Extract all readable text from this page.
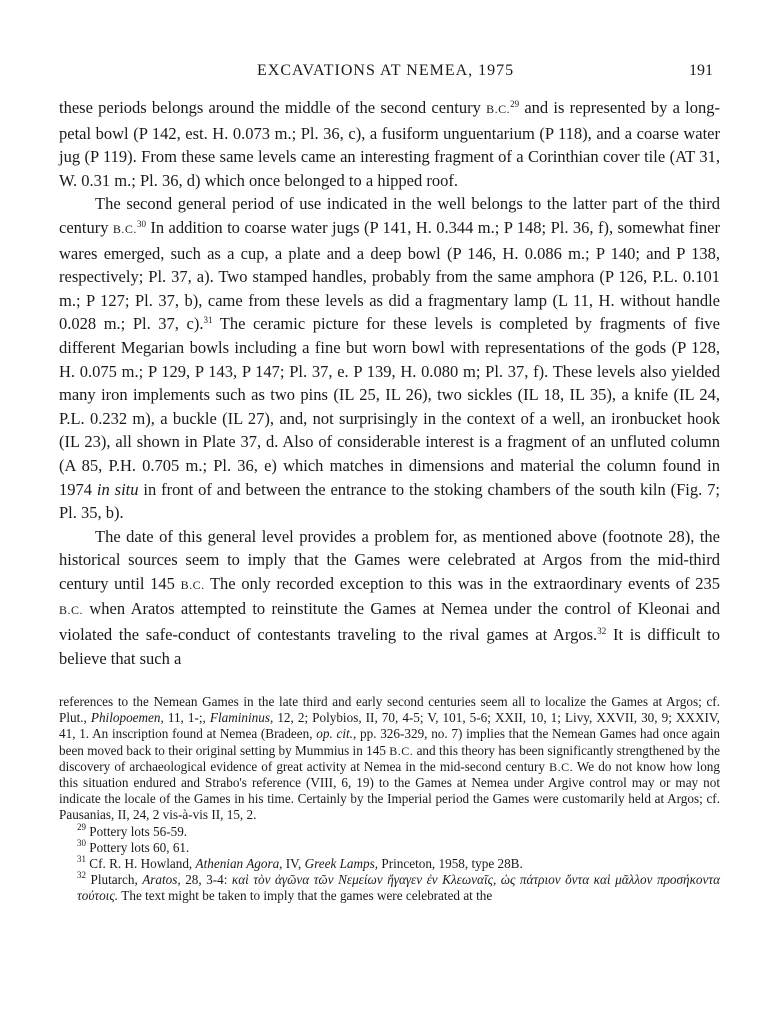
EXCAVATIONS AT NEMEA, 1975	191

these periods belongs around the middle of the second century B.C.$^{29}$ and is represented by a long-petal bowl (P 142, est. H. 0.073 m.; Pl. 36, c), a fusiform unguentarium (P 118), and a coarse water jug (P 119). From these same levels came an interesting fragment of a Corinthian cover tile (AT 31, W. 0.31 m.; Pl. 36, d) which once belonged to a hipped roof.

The second general period of use indicated in the well belongs to the latter part of the third century B.C.$^{30}$ In addition to coarse water jugs (P 141, H. 0.344 m.; P 148; Pl. 36, f), somewhat finer wares emerged, such as a cup, a plate and a deep bowl (P 146, H. 0.086 m.; P 140; and P 138, respectively; Pl. 37, a). Two stamped handles, probably from the same amphora (P 126, P.L. 0.101 m.; P 127; Pl. 37, b), came from these levels as did a fragmentary lamp (L 11, H. without handle 0.028 m.; Pl. 37, c).$^{31}$ The ceramic picture for these levels is completed by fragments of five different Megarian bowls including a fine but worn bowl with representations of the gods (P 128, H. 0.075 m.; P 129, P 143, P 147; Pl. 37, e. P 139, H. 0.080 m; Pl. 37, f). These levels also yielded many iron implements such as two pins (IL 25, IL 26), two sickles (IL 18, IL 35), a knife (IL 24, P.L. 0.232 m), a buckle (IL 27), and, not surprisingly in the context of a well, an ironbucket hook (IL 23), all shown in Plate 37, d. Also of considerable interest is a fragment of an unfluted column (A 85, P.H. 0.705 m.; Pl. 36, e) which matches in dimensions and material the column found in 1974 in situ in front of and between the entrance to the stoking chambers of the south kiln (Fig. 7; Pl. 35, b).

The date of this general level provides a problem for, as mentioned above (footnote 28), the historical sources seem to imply that the Games were celebrated at Argos from the mid-third century until 145 B.C. The only recorded exception to this was in the extraordinary events of 235 B.C. when Aratos attempted to reinstitute the Games at Nemea under the control of Kleonai and violated the safe-conduct of contestants traveling to the rival games at Argos.$^{32}$ It is difficult to believe that such a

references to the Nemean Games in the late third and early second centuries seem all to localize the Games at Argos; cf. Plut., Philopoemen, 11, 1-;, Flamininus, 12, 2; Polybios, II, 70, 4-5; V, 101, 5-6; XXII, 10, 1; Livy, XXVII, 30, 9; XXXIV, 41, 1. An inscription found at Nemea (Bradeen, op. cit., pp. 326-329, no. 7) implies that the Nemean Games had once again been moved back to their original setting by Mummius in 145 B.C. and this theory has been significantly strengthened by the discovery of archaeological evidence of great activity at Nemea in the mid-second century B.C. We do not know how long this situation endured and Strabo's reference (VIII, 6, 19) to the Games at Nemea under Argive control may or may not indicate the locale of the Games in his time. Certainly by the Imperial period the Games were customarily held at Argos; cf. Pausanias, II, 24, 2 vis-à-vis II, 15, 2.

$^{29}$ Pottery lots 56-59.

$^{30}$ Pottery lots 60, 61.

$^{31}$ Cf. R. H. Howland, Athenian Agora, IV, Greek Lamps, Princeton, 1958, type 28B.

$^{32}$ Plutarch, Aratos, 28, 3-4: καὶ τὸν ἀγῶνα τῶν Νεμείων ἤγαγεν ἐν Κλεωναῖς, ὡς πάτριον ὄντα καὶ μᾶλλον προσήκοντα τούτοις. The text might be taken to imply that the games were celebrated at the
